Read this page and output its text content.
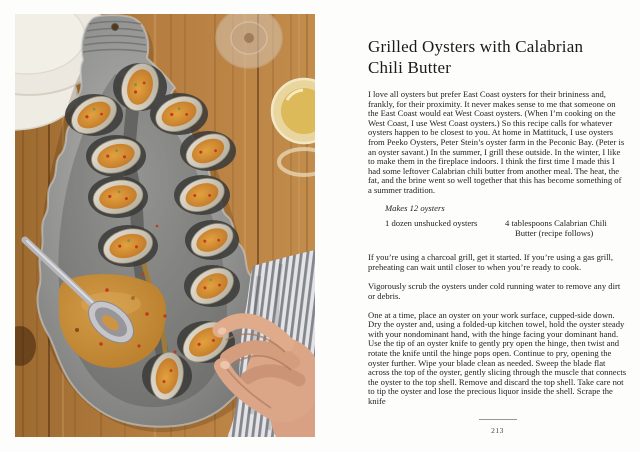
Grilled Oysters with Calabrian
Chili Butter

I love all oysters but prefer East Coast oysters for their brininess and, frankly, for their proximity. It never makes sense to me that someone on the East Coast would eat West Coast oysters. (When I’m cooking on the West Coast, I use West Coast oysters.) So this recipe calls for whatever oysters happen to be closest to you. At home in Mattituck, I use oysters from Peeko Oysters, Peter Stein’s oyster farm in the Peconic Bay. (Peter is an oyster savant.) In the summer, I grill these outside. In the winter, I like to make them in the fireplace indoors. I think the first time I made this I had some leftover Calabrian chili butter from another meal. The heat, the fat, and the brine went so well together that this has become something of a summer tradition.

Makes 12 oysters

1 dozen unshucked oysters	4 tablespoons Calabrian Chili Butter (recipe follows)

If you’re using a charcoal grill, get it started. If you’re using a gas grill, preheating can wait until closer to when you’re ready to cook.

Vigorously scrub the oysters under cold running water to remove any dirt or debris.

One at a time, place an oyster on your work surface, cupped-side down. Dry the oyster and, using a folded-up kitchen towel, hold the oyster steady with your nondominant hand, with the hinge facing your dominant hand. Use the tip of an oyster knife to gently pry open the hinge, then twist and rotate the knife until the hinge pops open. Continue to pry, opening the oyster further. Wipe your blade clean as needed. Sweep the blade flat across the top of the oyster, gently slicing through the muscle that connects the oyster to the top shell. Remove and discard the top shell. Take care not to tip the oyster and lose the precious liquor inside the shell. Scrape the knife

213
